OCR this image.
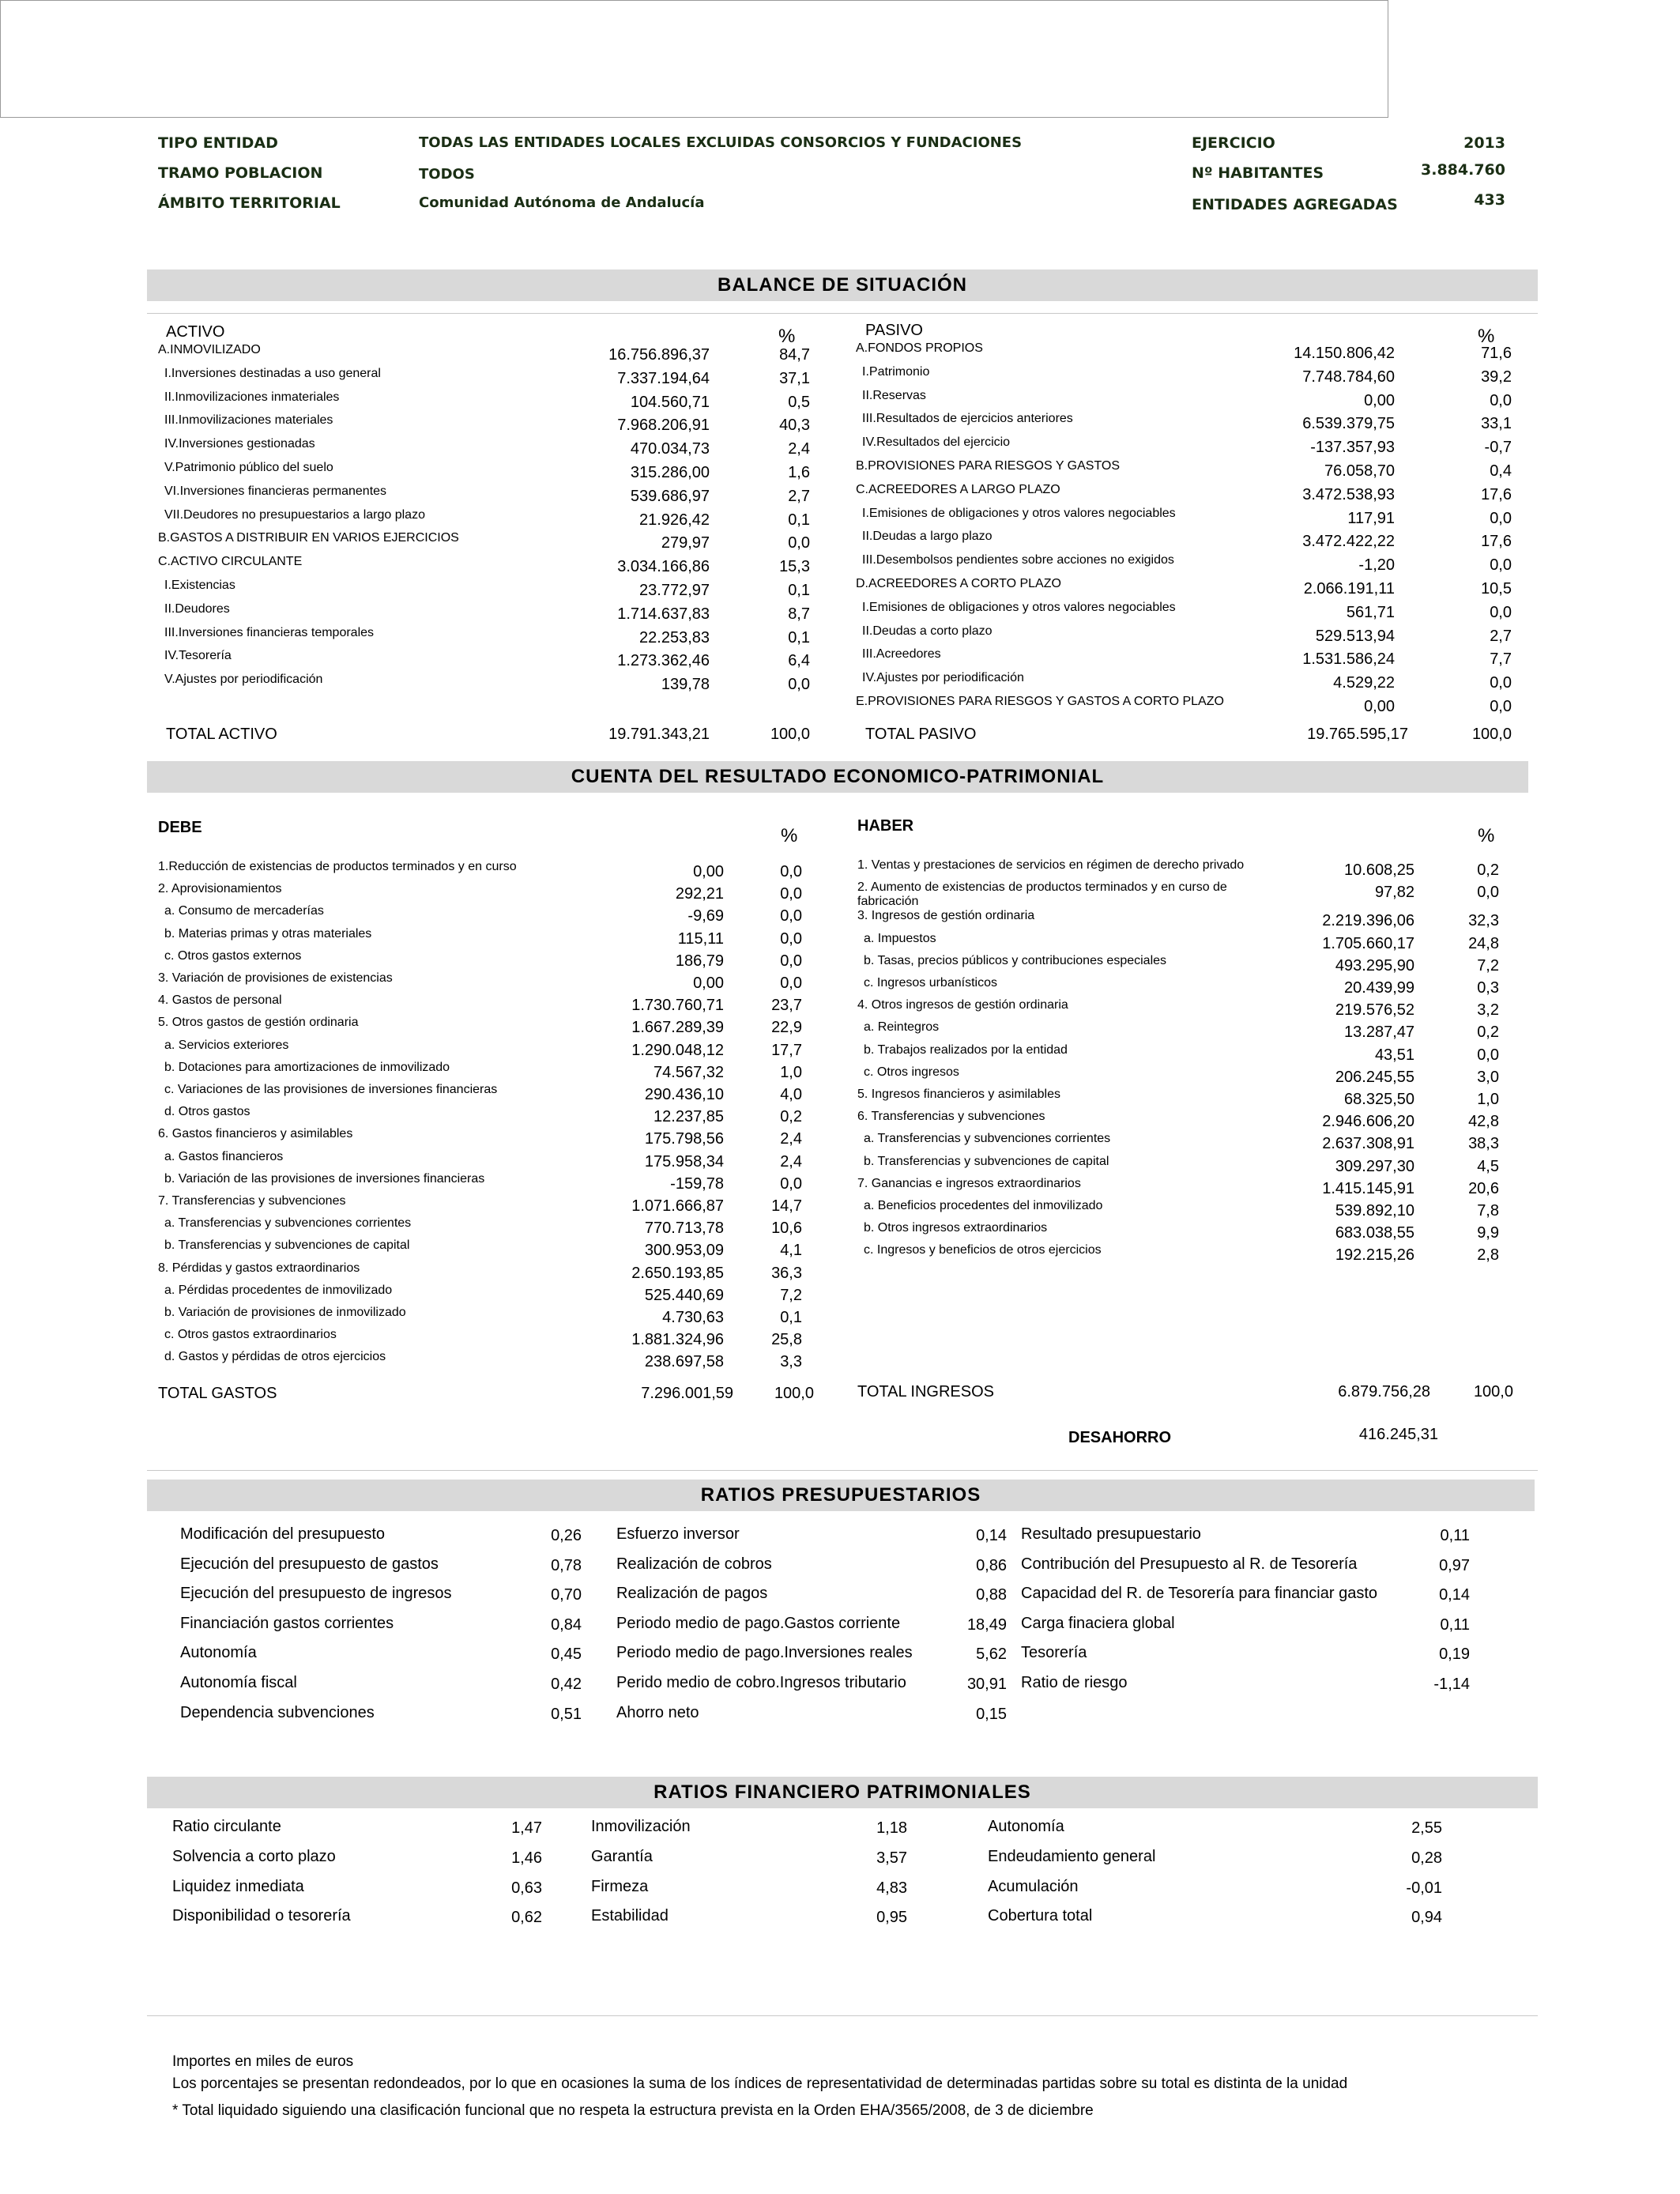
TIPO ENTIDAD	TODAS LAS ENTIDADES LOCALES EXCLUIDAS CONSORCIOS Y FUNDACIONES
TRAMO POBLACION	TODOS
ÁMBITO TERRITORIAL	Comunidad Autónoma de Andalucía
EJERCICIO	2013
Nº HABITANTES	3.884.760
ENTIDADES AGREGADAS	433
BALANCE DE SITUACIÓN
ACTIVO	%	PASIVO	%
A.INMOVILIZADO	16.756.896,37	84,7
I.Inversiones destinadas a uso general	7.337.194,64	37,1
II.Inmovilizaciones inmateriales	104.560,71	0,5
III.Inmovilizaciones materiales	7.968.206,91	40,3
IV.Inversiones gestionadas	470.034,73	2,4
V.Patrimonio público del suelo	315.286,00	1,6
VI.Inversiones financieras permanentes	539.686,97	2,7
VII.Deudores no presupuestarios a largo plazo	21.926,42	0,1
B.GASTOS A DISTRIBUIR EN VARIOS EJERCICIOS	279,97	0,0
C.ACTIVO CIRCULANTE	3.034.166,86	15,3
I.Existencias	23.772,97	0,1
II.Deudores	1.714.637,83	8,7
III.Inversiones financieras temporales	22.253,83	0,1
IV.Tesorería	1.273.362,46	6,4
V.Ajustes por periodificación	139,78	0,0
A.FONDOS PROPIOS	14.150.806,42	71,6
I.Patrimonio	7.748.784,60	39,2
II.Reservas	0,00	0,0
III.Resultados de ejercicios anteriores	6.539.379,75	33,1
IV.Resultados del ejercicio	-137.357,93	-0,7
B.PROVISIONES PARA RIESGOS Y GASTOS	76.058,70	0,4
C.ACREEDORES A LARGO PLAZO	3.472.538,93	17,6
I.Emisiones de obligaciones y otros valores negociables	117,91	0,0
II.Deudas a largo plazo	3.472.422,22	17,6
III.Desembolsos pendientes sobre acciones no exigidos	-1,20	0,0
D.ACREEDORES A CORTO PLAZO	2.066.191,11	10,5
I.Emisiones de obligaciones y otros valores negociables	561,71	0,0
II.Deudas a corto plazo	529.513,94	2,7
III.Acreedores	1.531.586,24	7,7
IV.Ajustes por periodificación	4.529,22	0,0
E.PROVISIONES PARA RIESGOS Y GASTOS A CORTO PLAZO	0,00	0,0
TOTAL ACTIVO	19.791.343,21	100,0	TOTAL PASIVO	19.765.595,17	100,0
CUENTA DEL RESULTADO ECONOMICO-PATRIMONIAL
DEBE	%	HABER	%
1.Reducción de existencias de productos terminados y en curso	0,00	0,0
2. Aprovisionamientos	292,21	0,0
a. Consumo de mercaderías	-9,69	0,0
b. Materias primas y otras materiales	115,11	0,0
c. Otros gastos externos	186,79	0,0
3. Variación de provisiones de existencias	0,00	0,0
4. Gastos de personal	1.730.760,71	23,7
5. Otros gastos de gestión ordinaria	1.667.289,39	22,9
a. Servicios exteriores	1.290.048,12	17,7
b. Dotaciones para amortizaciones de inmovilizado	74.567,32	1,0
c. Variaciones de las provisiones de inversiones financieras	290.436,10	4,0
d. Otros gastos	12.237,85	0,2
6. Gastos financieros y asimilables	175.798,56	2,4
a. Gastos financieros	175.958,34	2,4
b. Variación de las provisiones de inversiones financieras	-159,78	0,0
7. Transferencias y subvenciones	1.071.666,87	14,7
a. Transferencias y subvenciones corrientes	770.713,78	10,6
b. Transferencias y subvenciones de capital	300.953,09	4,1
8. Pérdidas y gastos extraordinarios	2.650.193,85	36,3
a. Pérdidas procedentes de inmovilizado	525.440,69	7,2
b. Variación de provisiones de inmovilizado	4.730,63	0,1
c. Otros gastos extraordinarios	1.881.324,96	25,8
d. Gastos y pérdidas de otros ejercicios	238.697,58	3,3
1. Ventas y prestaciones de servicios en régimen de derecho privado	10.608,25	0,2
2. Aumento de existencias de productos terminados y en curso de
fabricación
97,82	0,0
3. Ingresos de gestión ordinaria	2.219.396,06	32,3
a. Impuestos	1.705.660,17	24,8
b. Tasas, precios públicos y contribuciones especiales	493.295,90	7,2
c. Ingresos urbanísticos	20.439,99	0,3
4. Otros ingresos de gestión ordinaria	219.576,52	3,2
a. Reintegros	13.287,47	0,2
b. Trabajos realizados por la entidad	43,51	0,0
c. Otros ingresos	206.245,55	3,0
5. Ingresos financieros y asimilables	68.325,50	1,0
6. Transferencias y subvenciones	2.946.606,20	42,8
a. Transferencias y subvenciones corrientes	2.637.308,91	38,3
b. Transferencias y subvenciones de capital	309.297,30	4,5
7. Ganancias e ingresos extraordinarios	1.415.145,91	20,6
a. Beneficios procedentes del inmovilizado	539.892,10	7,8
b. Otros ingresos extraordinarios	683.038,55	9,9
c. Ingresos y beneficios de otros ejercicios	192.215,26	2,8
TOTAL GASTOS	7.296.001,59	100,0	TOTAL INGRESOS	6.879.756,28	100,0
DESAHORRO	416.245,31
RATIOS PRESUPUESTARIOS
Modificación del presupuesto	0,26
Ejecución del presupuesto de gastos	0,78
Ejecución del presupuesto de ingresos	0,70
Financiación gastos corrientes	0,84
Autonomía	0,45
Autonomía fiscal	0,42
Dependencia subvenciones	0,51
Esfuerzo inversor	0,14
Realización de cobros	0,86
Realización de pagos	0,88
Periodo medio de pago.Gastos corriente	18,49
Periodo medio de pago.Inversiones reales	5,62
Perido medio de cobro.Ingresos tributario	30,91
Ahorro neto	0,15
Resultado presupuestario	0,11
Contribución del Presupuesto al R. de Tesorería	0,97
Capacidad del R. de Tesorería para financiar gasto	0,14
Carga finaciera global	0,11
Tesorería	0,19
Ratio de riesgo	-1,14
RATIOS FINANCIERO PATRIMONIALES
Ratio circulante	1,47
Solvencia a corto plazo	1,46
Liquidez inmediata	0,63
Disponibilidad o tesorería	0,62
Inmovilización	1,18
Garantía	3,57
Firmeza	4,83
Estabilidad	0,95
Autonomía	2,55
Endeudamiento general	0,28
Acumulación	-0,01
Cobertura total	0,94
Importes en miles de euros
Los porcentajes se presentan redondeados, por lo que en ocasiones la suma de los índices de representatividad de determinadas partidas sobre su total es distinta de la unidad
* Total liquidado siguiendo una clasificación funcional que no respeta la estructura prevista en la Orden EHA/3565/2008, de 3 de diciembre
